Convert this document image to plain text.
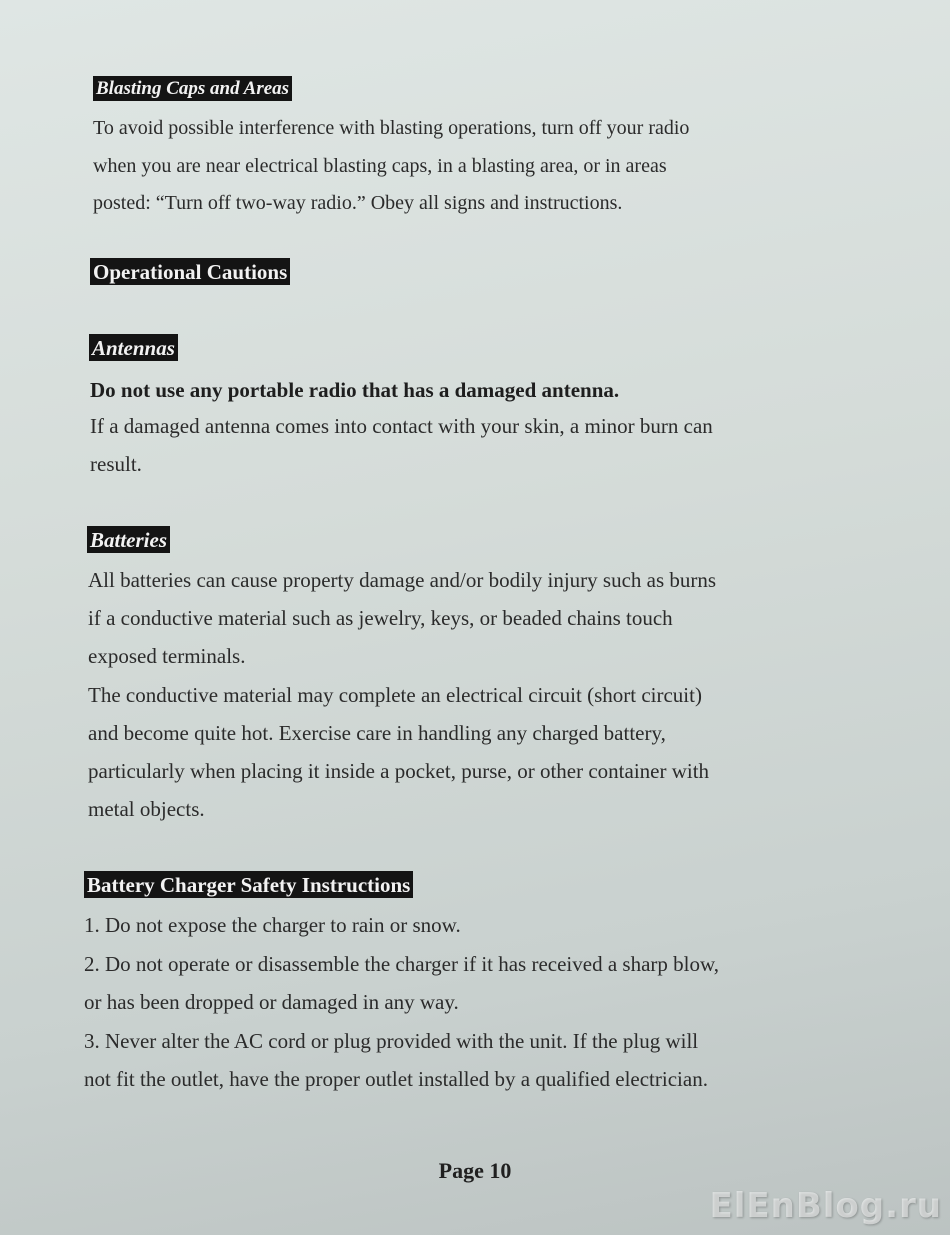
Blasting Caps and Areas
To avoid possible interference with blasting operations, turn off your radio
when you are near electrical blasting caps, in a blasting area, or in areas
posted: “Turn off two-way radio.” Obey all signs and instructions.
Operational Cautions
Antennas
Do not use any portable radio that has a damaged antenna.
If a damaged antenna comes into contact with your skin, a minor burn can
result.
Batteries
All batteries can cause property damage and/or bodily injury such as burns
if a conductive material such as jewelry, keys, or beaded chains touch
exposed terminals.
The conductive material may complete an electrical circuit (short circuit)
and become quite hot. Exercise care in handling any charged battery,
particularly when placing it inside a pocket, purse, or other container with
metal objects.
Battery Charger Safety Instructions
1. Do not expose the charger to rain or snow.
2. Do not operate or disassemble the charger if it has received a sharp blow,
or has been dropped or damaged in any way.
3. Never alter the AC cord or plug provided with the unit. If the plug will
not fit the outlet, have the proper outlet installed by a qualified electrician.
Page 10
ElEnBlog.ru
